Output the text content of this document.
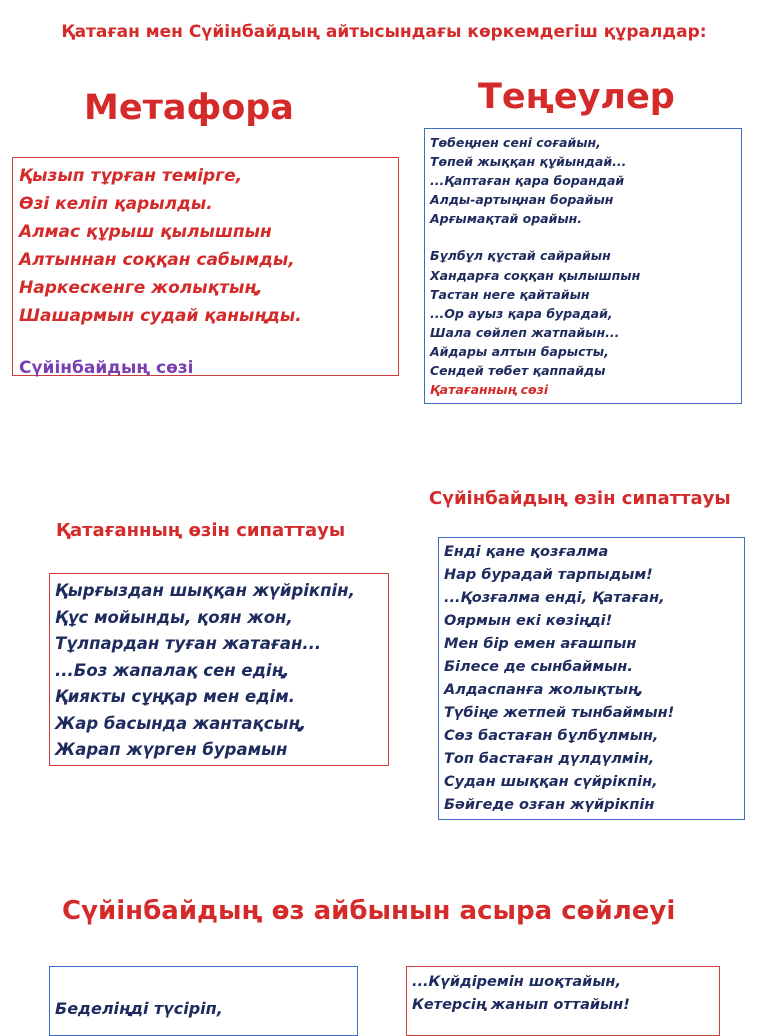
Қатаған мен Сүйінбайдың айтысындағы көркемдегіш құралдар:
Метафора
Қызып тұрған темірге,
Өзі келіп қарылды.
Алмас құрыш қылышпын
Алтыннан соққан сабымды,
Наркескенге жолықтың,
Шашармын судай қаныңды.
Сүйінбайдың сөзі
Теңеулер
Төбеңнен сені соғайын,
Төпей жыққан құйындай...
...Қаптаған қара борандай
Алды-артыңнан борайын
Арғымақтай орайын.
Бұлбұл құстай сайрайын
Хандарға соққан қылышпын
Тастан неге қайтайын
...Ор ауыз қара бурадай,
Шала сөйлеп жатпайын...
Айдары алтын барысты,
Сендей төбет қаппайды
Қатағанның сөзі
Сүйінбайдың өзін сипаттауы
Енді қане қозғалма
Нар бурадай тарпыдым!
...Қозғалма енді, Қатаған,
Оярмын екі көзіңді!
Мен бір емен ағашпын
Білесе де сынбаймын.
Алдаспанға жолықтың,
Түбіңе жетпей тынбаймын!
Сөз бастаған бұлбұлмын,
Топ бастаған дүлдүлмін,
Судан шыққан сүйрікпін,
Бәйгеде озған жүйрікпін
Қатағанның өзін сипаттауы
Қырғыздан шыққан жүйрікпін,
Құс мойынды, қоян жон,
Тұлпардан туған жатаған...
...Боз жапалақ сен едің,
Қиякты сұңқар мен едім.
Жар басында жантақсың,
Жарап жүрген бурамын
Сүйінбайдың өз айбынын асыра сөйлеуі
Беделіңді түсіріп,
...Күйдіремін шоқтайын,
Кетерсің жанып оттайын!
